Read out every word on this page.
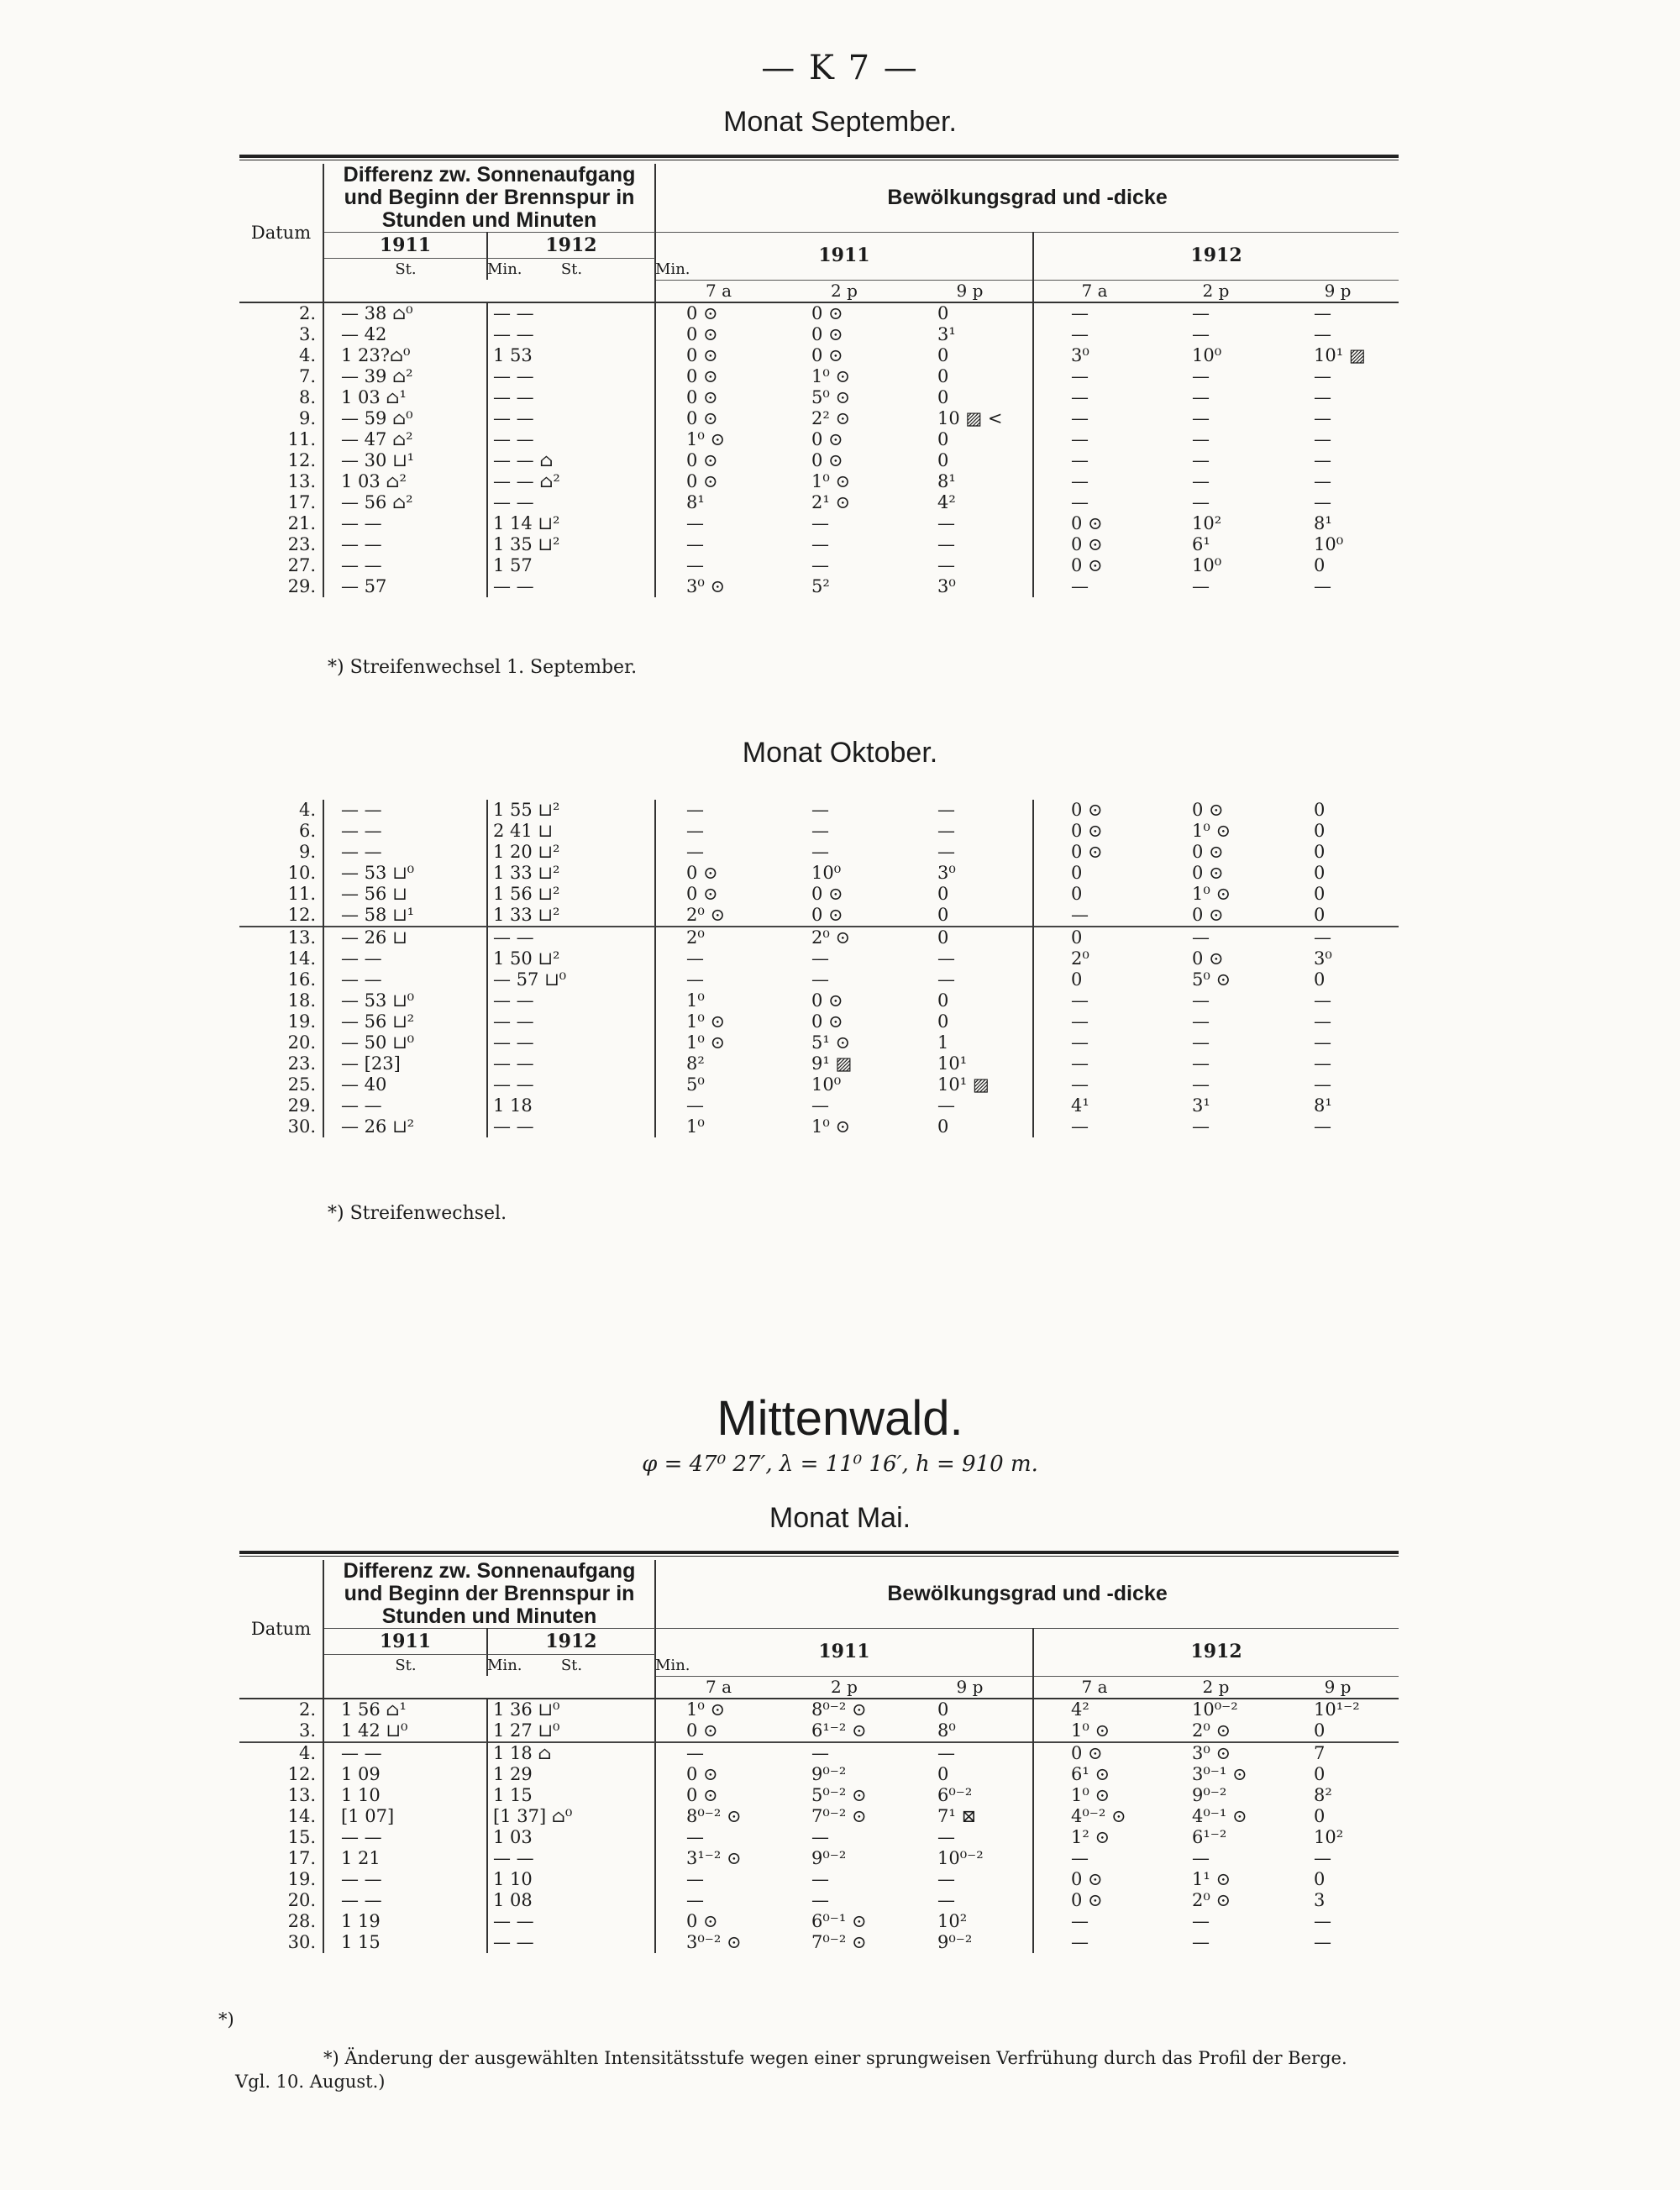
— K 7 —
Monat September.
Datum	Differenz zw. Sonnenaufgang und Beginn der Brennspur in Stunden und Minuten		Bewölkungsgrad und -dicke					
	1911	1912	1911			1912		
	St.	Min.	St.	Min.					
			7 a	2 p	9 p	7 a	2 p	9 p
2.	— 38 ⌂⁰		— —		0 ⊙	0 ⊙	0	—	—	—
3.	— 42		— —		0 ⊙	0 ⊙	3¹	—	—	—
4.	1 23?⌂⁰		1 53		0 ⊙	0 ⊙	0	3⁰	10⁰	10¹ ▨
7.	— 39 ⌂²		— —		0 ⊙	1⁰ ⊙	0	—	—	—
8.	1 03 ⌂¹		— —		0 ⊙	5⁰ ⊙	0	—	—	—
9.	— 59 ⌂⁰		— —		0 ⊙	2² ⊙	10 ▨ <	—	—	—
11.	— 47 ⌂²		— —		1⁰ ⊙	0 ⊙	0	—	—	—
12.	— 30 ⊔¹		— — ⌂		0 ⊙	0 ⊙	0	—	—	—
13.	1 03 ⌂²		— — ⌂²		0 ⊙	1⁰ ⊙	8¹	—	—	—
17.	— 56 ⌂²		— —		8¹	2¹ ⊙	4²	—	—	—
21.	— —		1 14 ⊔²		—	—	—	0 ⊙	10²	8¹
23.	— —		1 35 ⊔²		—	—	—	0 ⊙	6¹	10⁰
27.	— —		1 57		—	—	—	0 ⊙	10⁰	0
29.	— 57		— —		3⁰ ⊙	5²	3⁰	—	—	—
*) Streifenwechsel 1. September.
Monat Oktober.
4.	— —		1 55 ⊔²		—	—	—	0 ⊙	0 ⊙	0
6.	— —		2 41 ⊔		—	—	—	0 ⊙	1⁰ ⊙	0
9.	— —		1 20 ⊔²		—	—	—	0 ⊙	0 ⊙	0
10.	— 53 ⊔⁰		1 33 ⊔²		0 ⊙	10⁰	3⁰	0	0 ⊙	0
11.	— 56 ⊔		1 56 ⊔²		0 ⊙	0 ⊙	0	0	1⁰ ⊙	0
12.	— 58 ⊔¹		1 33 ⊔²		2⁰ ⊙	0 ⊙	0	—	0 ⊙	0
13.	— 26 ⊔		— —		2⁰	2⁰ ⊙	0	0	—	—
14.	— —		1 50 ⊔²		—	—	—	2⁰	0 ⊙	3⁰
16.	— —		— 57 ⊔⁰		—	—	—	0	5⁰ ⊙	0
18.	— 53 ⊔⁰		— —		1⁰	0 ⊙	0	—	—	—
19.	— 56 ⊔²		— —		1⁰ ⊙	0 ⊙	0	—	—	—
20.	— 50 ⊔⁰		— —		1⁰ ⊙	5¹ ⊙	1	—	—	—
23.	— [23]		— —		8²	9¹ ▨	10¹	—	—	—
25.	— 40		— —		5⁰	10⁰	10¹ ▨	—	—	—
29.	— —		1 18		—	—	—	4¹	3¹	8¹
30.	— 26 ⊔²		— —		1⁰	1⁰ ⊙	0	—	—	—
*) Streifenwechsel.
Mittenwald.
φ = 47⁰ 27′, λ = 11⁰ 16′, h = 910 m.
Monat Mai.
Datum	Differenz zw. Sonnenaufgang und Beginn der Brennspur in Stunden und Minuten		Bewölkungsgrad und -dicke					
	1911	1912	1911			1912		
	St.	Min.	St.	Min.					
			7 a	2 p	9 p	7 a	2 p	9 p
2.	1 56 ⌂¹		1 36 ⊔⁰		1⁰ ⊙	8⁰⁻² ⊙	0	4²	10⁰⁻²	10¹⁻²
3.	1 42 ⊔⁰		1 27 ⊔⁰		0 ⊙	6¹⁻² ⊙	8⁰	1⁰ ⊙	2⁰ ⊙	0
4.	— —		1 18 ⌂		—	—	—	0 ⊙	3⁰ ⊙	7
12.	1 09		1 29		0 ⊙	9⁰⁻²	0	6¹ ⊙	3⁰⁻¹ ⊙	0
13.	1 10		1 15		0 ⊙	5⁰⁻² ⊙	6⁰⁻²	1⁰ ⊙	9⁰⁻²	8²
14.	[1 07]		[1 37] ⌂⁰		8⁰⁻² ⊙	7⁰⁻² ⊙	7¹ ⊠	4⁰⁻² ⊙	4⁰⁻¹ ⊙	0
15.	— —		1 03		—	—	—	1² ⊙	6¹⁻²	10²
17.	1 21		— —		3¹⁻² ⊙	9⁰⁻²	10⁰⁻²	—	—	—
19.	— —		1 10		—	—	—	0 ⊙	1¹ ⊙	0
20.	— —		1 08		—	—	—	0 ⊙	2⁰ ⊙	3
28.	1 19		— —		0 ⊙	6⁰⁻¹ ⊙	10²	—	—	—
30.	1 15		— —		3⁰⁻² ⊙	7⁰⁻² ⊙	9⁰⁻²	—	—	—
*)
*) Änderung der ausgewählten Intensitätsstufe wegen einer sprungweisen Verfrühung durch das Profil der Berge.
Vgl. 10. August.)
